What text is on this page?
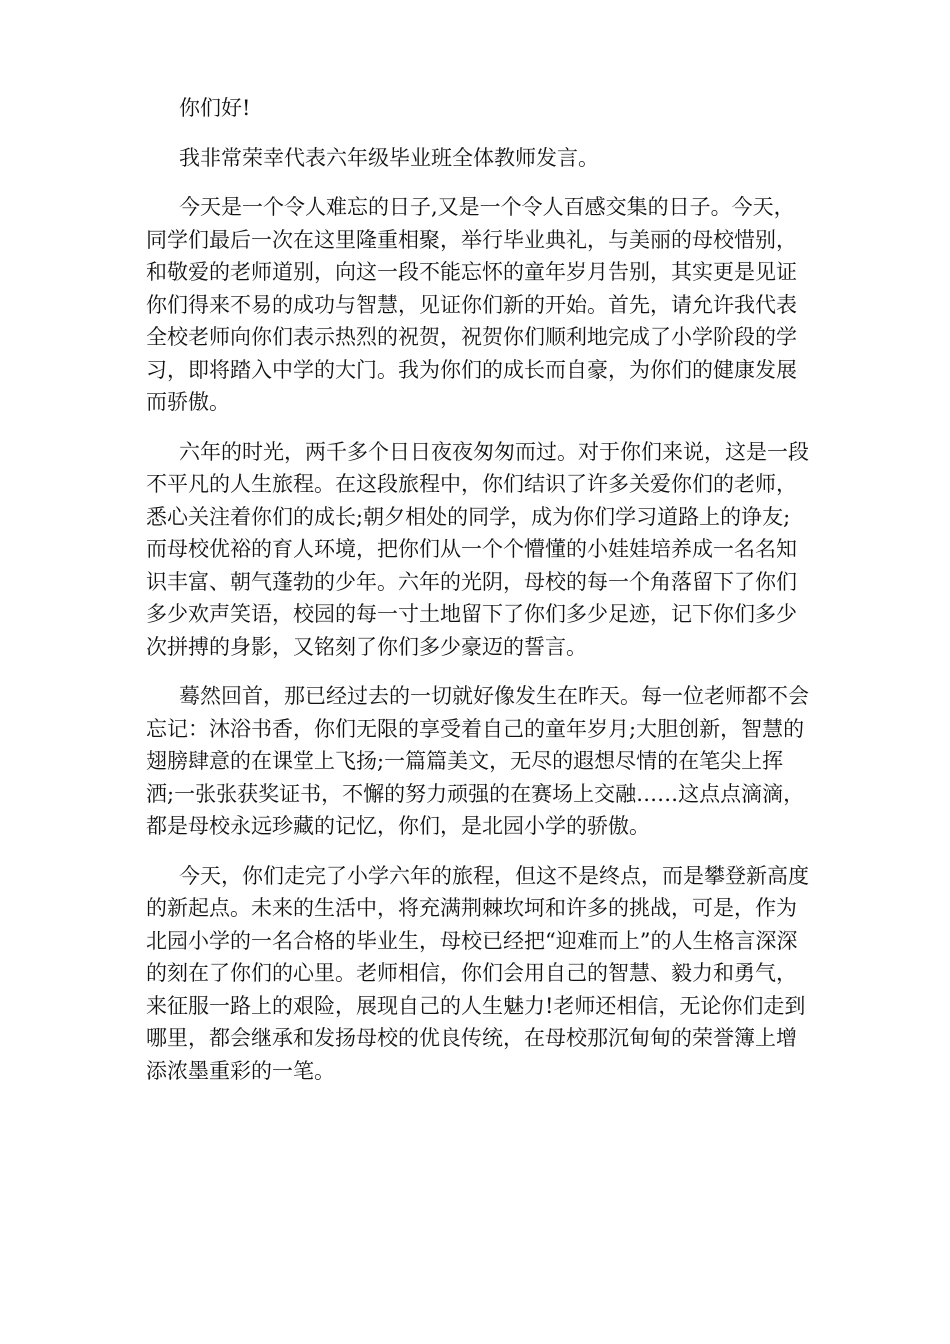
你们好!

我非常荣幸代表六年级毕业班全体教师发言。

今天是一个令人难忘的日子,又是一个令人百感交集的日子。今天，同学们最后一次在这里隆重相聚，举行毕业典礼，与美丽的母校惜别，和敬爱的老师道别，向这一段不能忘怀的童年岁月告别，其实更是见证你们得来不易的成功与智慧，见证你们新的开始。首先，请允许我代表全校老师向你们表示热烈的祝贺，祝贺你们顺利地完成了小学阶段的学习，即将踏入中学的大门。我为你们的成长而自豪，为你们的健康发展而骄傲。

六年的时光，两千多个日日夜夜匆匆而过。对于你们来说，这是一段不平凡的人生旅程。在这段旅程中，你们结识了许多关爱你们的老师，悉心关注着你们的成长;朝夕相处的同学，成为你们学习道路上的诤友;而母校优裕的育人环境，把你们从一个个懵懂的小娃娃培养成一名名知识丰富、朝气蓬勃的少年。六年的光阴，母校的每一个角落留下了你们多少欢声笑语，校园的每一寸土地留下了你们多少足迹，记下你们多少次拼搏的身影，又铭刻了你们多少豪迈的誓言。

蓦然回首，那已经过去的一切就好像发生在昨天。每一位老师都不会忘记：沐浴书香，你们无限的享受着自己的童年岁月;大胆创新，智慧的翅膀肆意的在课堂上飞扬;一篇篇美文，无尽的遐想尽情的在笔尖上挥洒;一张张获奖证书，不懈的努力顽强的在赛场上交融……这点点滴滴，都是母校永远珍藏的记忆，你们，是北园小学的骄傲。

今天，你们走完了小学六年的旅程，但这不是终点，而是攀登新高度的新起点。未来的生活中，将充满荆棘坎坷和许多的挑战，可是，作为北园小学的一名合格的毕业生，母校已经把“迎难而上”的人生格言深深的刻在了你们的心里。老师相信，你们会用自己的智慧、毅力和勇气，来征服一路上的艰险，展现自己的人生魅力!老师还相信，无论你们走到哪里，都会继承和发扬母校的优良传统，在母校那沉甸甸的荣誉簿上增添浓墨重彩的一笔。
